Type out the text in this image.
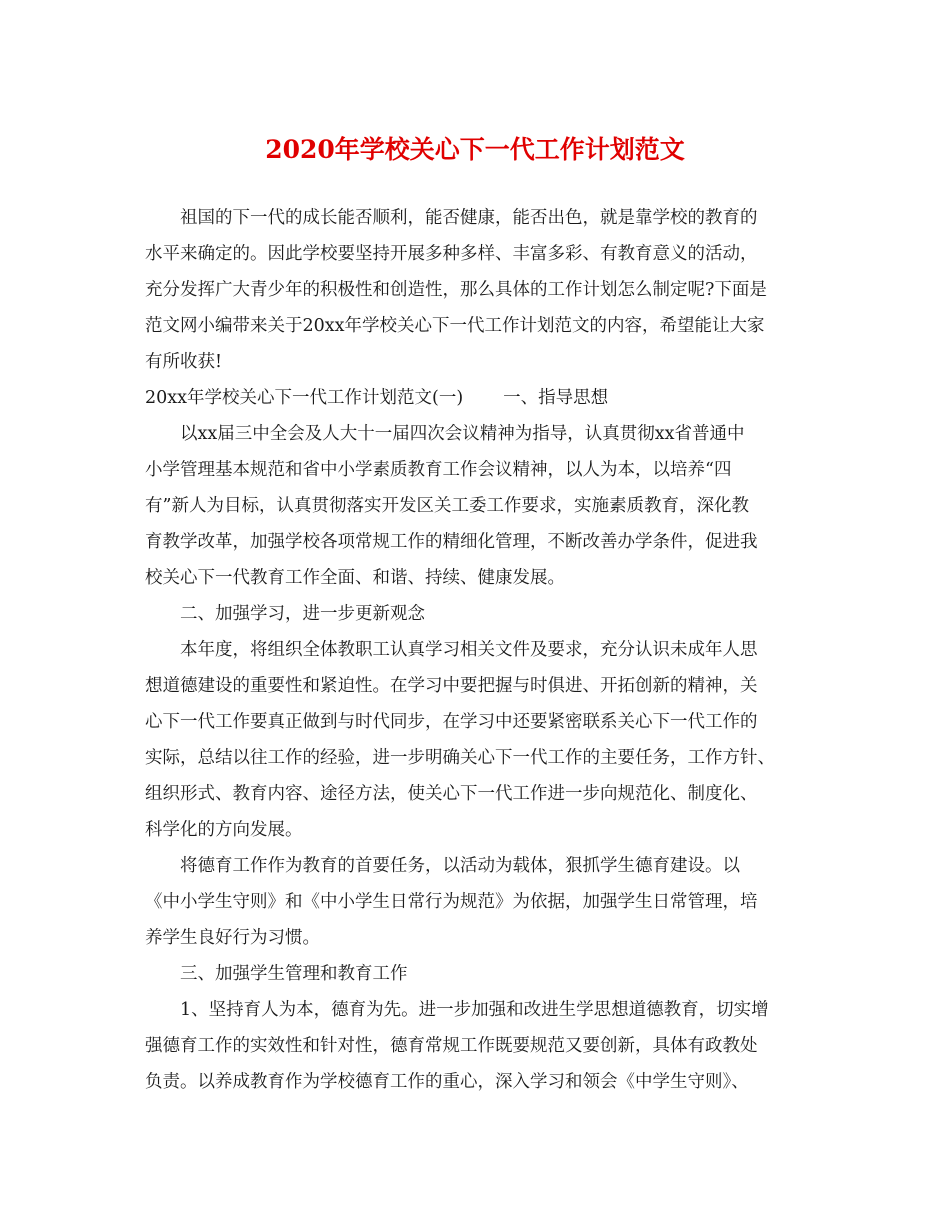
2020年学校关心下一代工作计划范文
祖国的下一代的成长能否顺利，能否健康，能否出色，就是靠学校的教育的
水平来确定的。因此学校要坚持开展多种多样、丰富多彩、有教育意义的活动，
充分发挥广大青少年的积极性和创造性，那么具体的工作计划怎么制定呢?下面是
范文网小编带来关于20xx年学校关心下一代工作计划范文的内容，希望能让大家
有所收获!
20xx年学校关心下一代工作计划范文(一) 一、指导思想
以xx届三中全会及人大十一届四次会议精神为指导，认真贯彻xx省普通中
小学管理基本规范和省中小学素质教育工作会议精神，以人为本，以培养“四
有”新人为目标，认真贯彻落实开发区关工委工作要求，实施素质教育，深化教
育教学改革，加强学校各项常规工作的精细化管理，不断改善办学条件，促进我
校关心下一代教育工作全面、和谐、持续、健康发展。
二、加强学习，进一步更新观念
本年度，将组织全体教职工认真学习相关文件及要求，充分认识未成年人思
想道德建设的重要性和紧迫性。在学习中要把握与时俱进、开拓创新的精神，关
心下一代工作要真正做到与时代同步，在学习中还要紧密联系关心下一代工作的
实际，总结以往工作的经验，进一步明确关心下一代工作的主要任务，工作方针、
组织形式、教育内容、途径方法，使关心下一代工作进一步向规范化、制度化、
科学化的方向发展。
将德育工作作为教育的首要任务，以活动为载体，狠抓学生德育建设。以
《中小学生守则》和《中小学生日常行为规范》为依据，加强学生日常管理，培
养学生良好行为习惯。
三、加强学生管理和教育工作
1、坚持育人为本，德育为先。进一步加强和改进生学思想道德教育，切实增
强德育工作的实效性和针对性，德育常规工作既要规范又要创新，具体有政教处
负责。以养成教育作为学校德育工作的重心，深入学习和领会《中学生守则》、
